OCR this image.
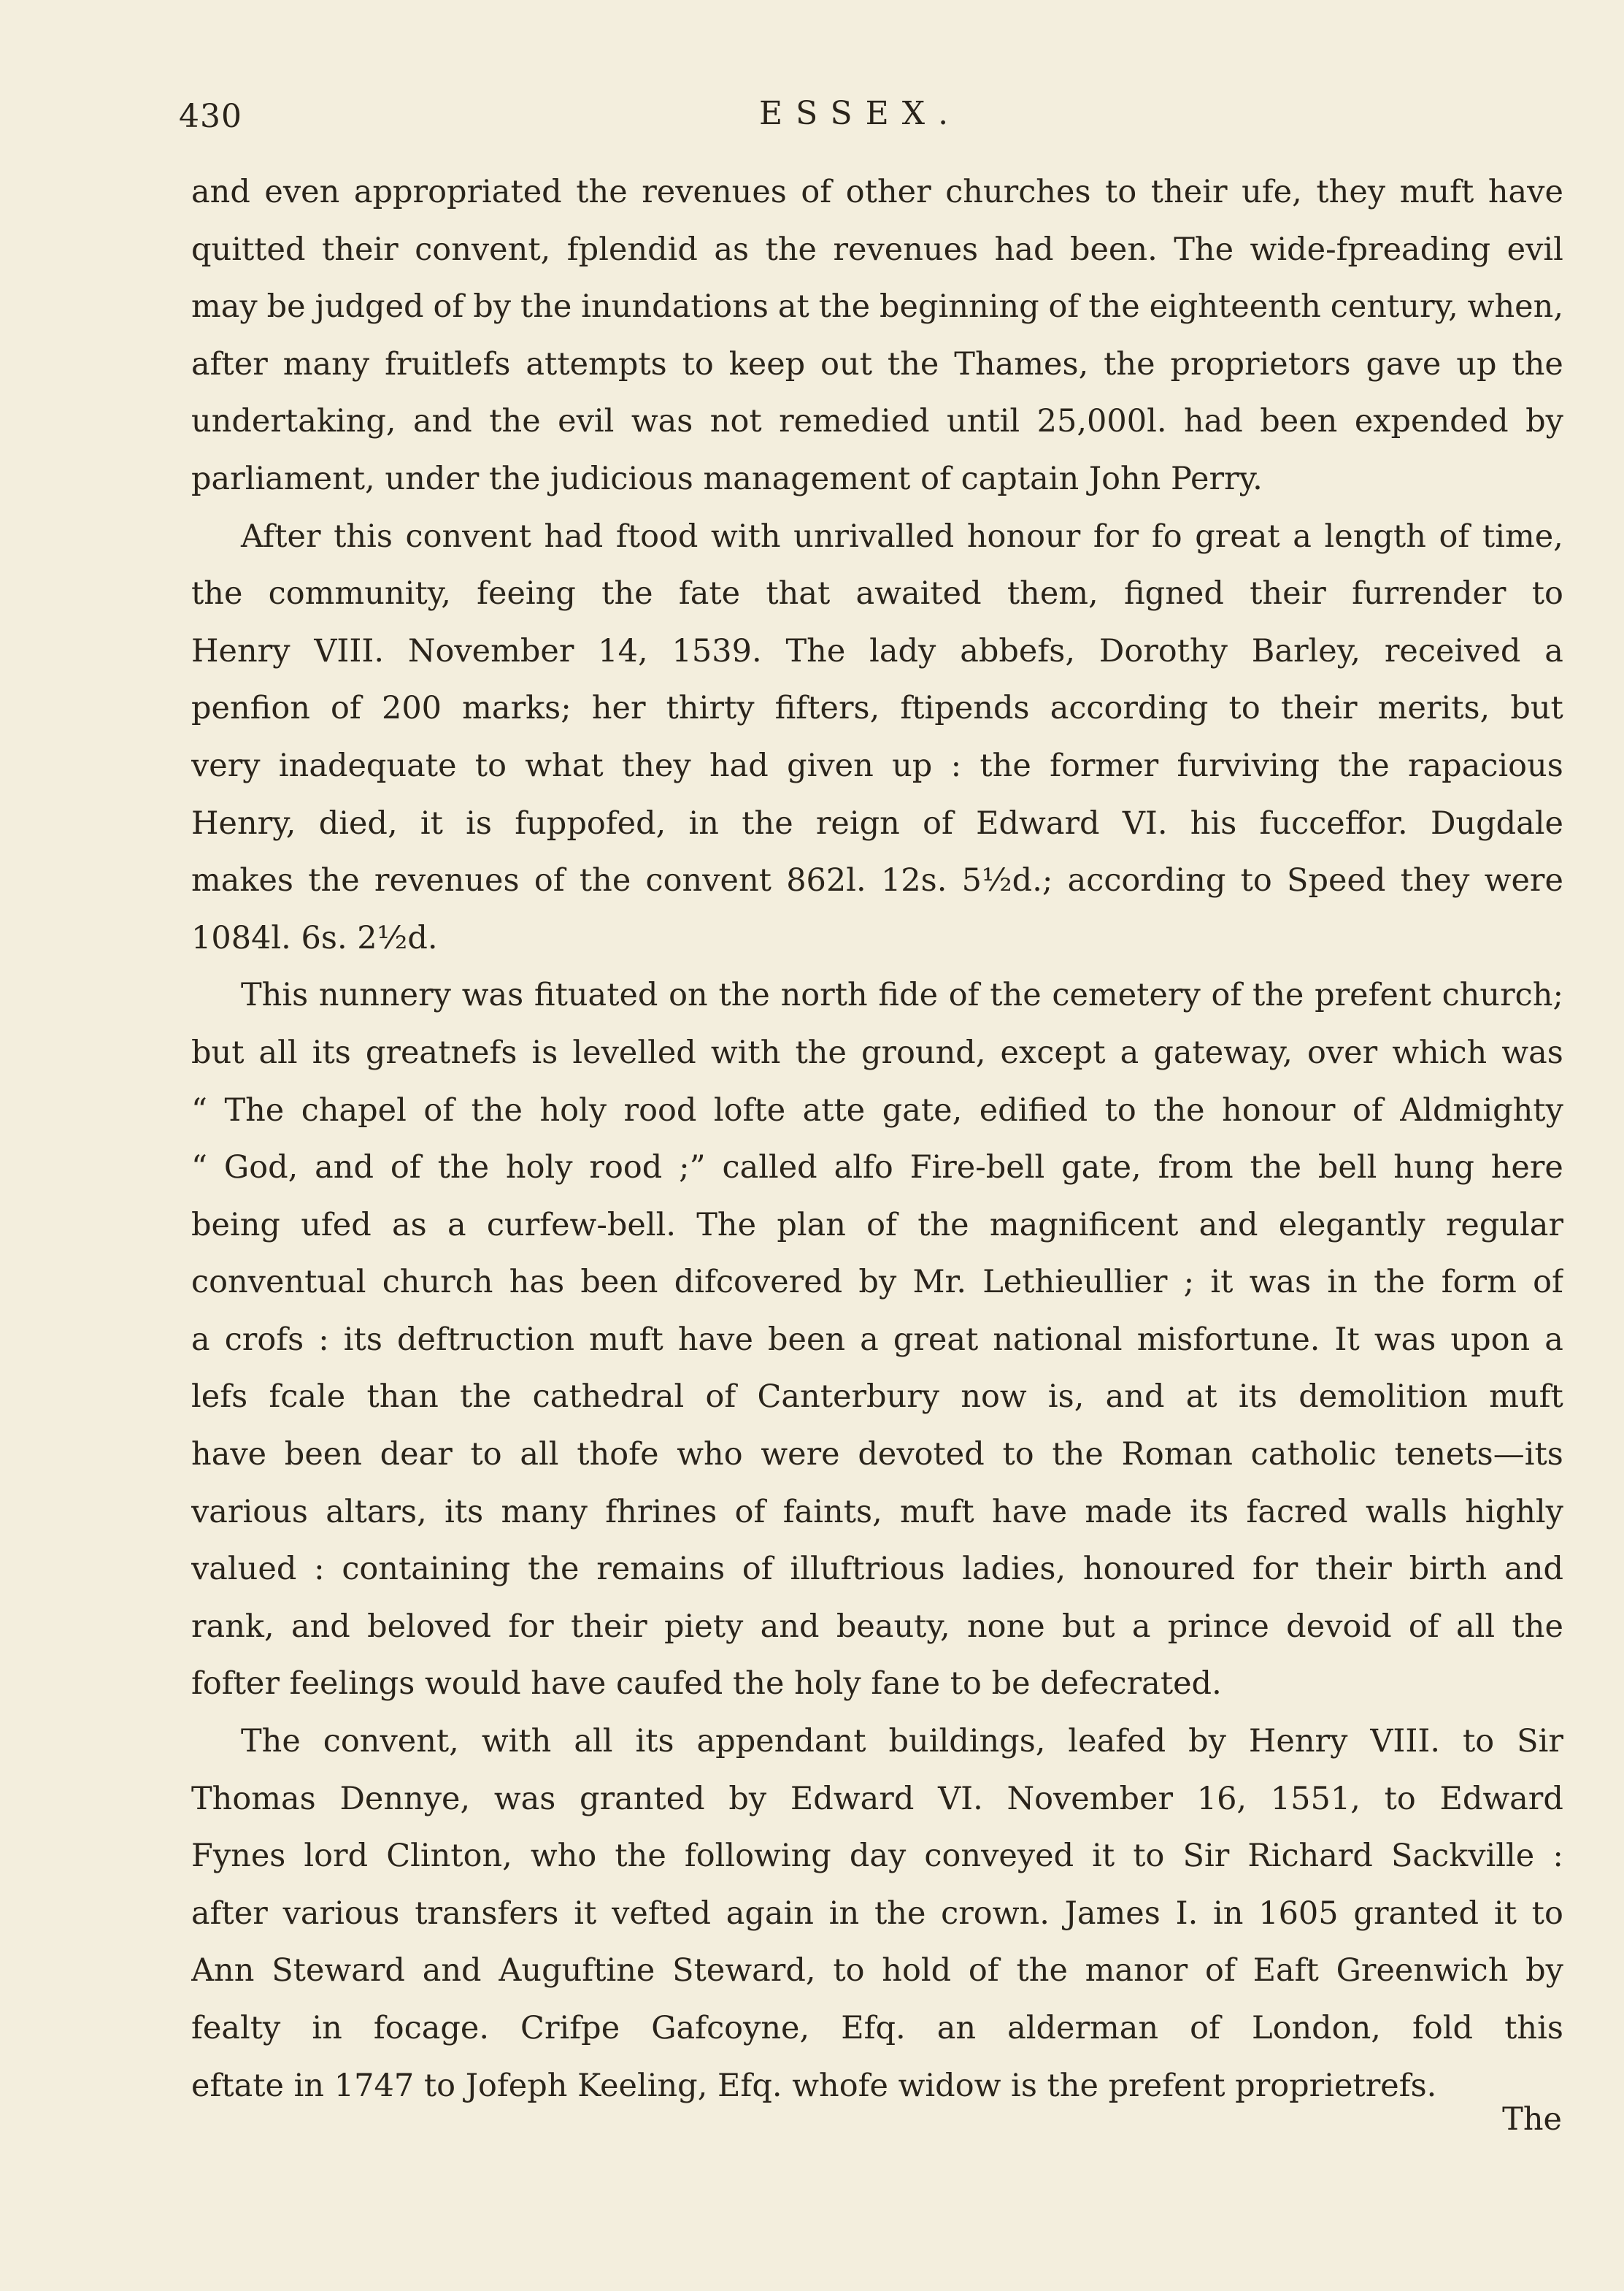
430	ESSEX.
and even appropriated the revenues of other churches to their ufe, they muft have
quitted their convent, fplendid as the revenues had been. The wide-fpreading evil
may be judged of by the inundations at the beginning of the eighteenth century, when,
after many fruitlefs attempts to keep out the Thames, the proprietors gave up the
undertaking, and the evil was not remedied until 25,000l. had been expended by
parliament, under the judicious management of captain John Perry.
After this convent had ftood with unrivalled honour for fo great a length of time,
the community, feeing the fate that awaited them, figned their furrender to
Henry VIII. November 14, 1539. The lady abbefs, Dorothy Barley, received a
penfion of 200 marks; her thirty fifters, ftipends according to their merits, but
very inadequate to what they had given up : the former furviving the rapacious
Henry, died, it is fuppofed, in the reign of Edward VI. his fucceffor. Dugdale
makes the revenues of the convent 862l. 12s. 5½d.; according to Speed they were
1084l. 6s. 2½d.
This nunnery was fituated on the north fide of the cemetery of the prefent church;
but all its greatnefs is levelled with the ground, except a gateway, over which was
“ The chapel of the holy rood lofte atte gate, edified to the honour of Aldmighty
“ God, and of the holy rood ;” called alfo Fire-bell gate, from the bell hung here
being ufed as a curfew-bell. The plan of the magnificent and elegantly regular
conventual church has been difcovered by Mr. Lethieullier ; it was in the form of
a crofs : its deftruction muft have been a great national misfortune. It was upon a
lefs fcale than the cathedral of Canterbury now is, and at its demolition muft
have been dear to all thofe who were devoted to the Roman catholic tenets—its
various altars, its many fhrines of faints, muft have made its facred walls highly
valued : containing the remains of illuftrious ladies, honoured for their birth and
rank, and beloved for their piety and beauty, none but a prince devoid of all the
fofter feelings would have caufed the holy fane to be defecrated.
The convent, with all its appendant buildings, leafed by Henry VIII. to Sir
Thomas Dennye, was granted by Edward VI. November 16, 1551, to Edward
Fynes lord Clinton, who the following day conveyed it to Sir Richard Sackville :
after various transfers it vefted again in the crown. James I. in 1605 granted it to
Ann Steward and Auguftine Steward, to hold of the manor of Eaft Greenwich by
fealty in focage. Crifpe Gafcoyne, Efq. an alderman of London, fold this
eftate in 1747 to Jofeph Keeling, Efq. whofe widow is the prefent proprietrefs.
The
